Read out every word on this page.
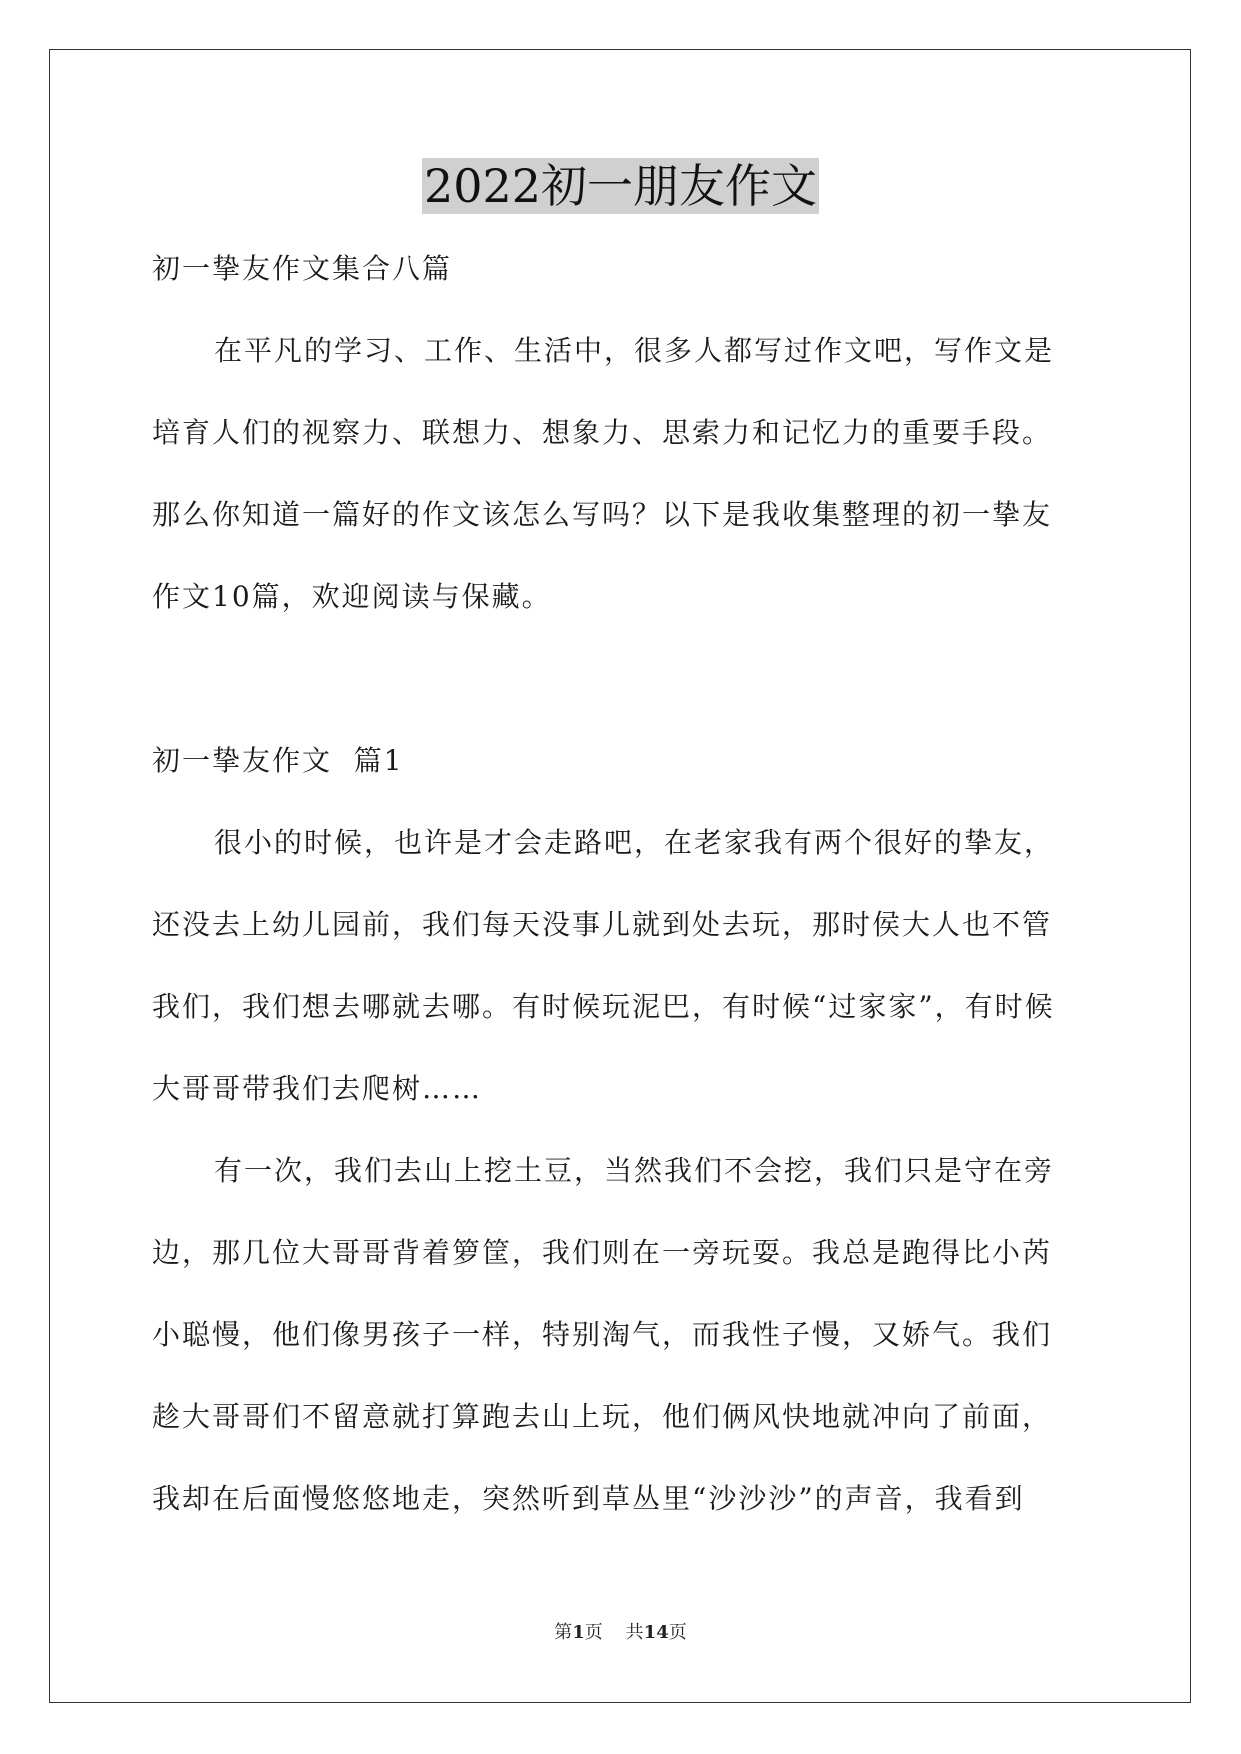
2022初一朋友作文
初一挚友作文集合八篇
在平凡的学习、工作、生活中，很多人都写过作文吧，写作文是
培育人们的视察力、联想力、想象力、思索力和记忆力的重要手段。
那么你知道一篇好的作文该怎么写吗？以下是我收集整理的初一挚友
作文10篇，欢迎阅读与保藏。
初一挚友作文  篇1
很小的时候，也许是才会走路吧，在老家我有两个很好的挚友，
还没去上幼儿园前，我们每天没事儿就到处去玩，那时侯大人也不管
我们，我们想去哪就去哪。有时候玩泥巴，有时候“过家家”，有时候
大哥哥带我们去爬树……
有一次，我们去山上挖土豆，当然我们不会挖，我们只是守在旁
边，那几位大哥哥背着箩筐，我们则在一旁玩耍。我总是跑得比小芮
小聪慢，他们像男孩子一样，特别淘气，而我性子慢，又娇气。我们
趁大哥哥们不留意就打算跑去山上玩，他们俩风快地就冲向了前面，
我却在后面慢悠悠地走，突然听到草丛里“沙沙沙”的声音，我看到
第1页 共14页
